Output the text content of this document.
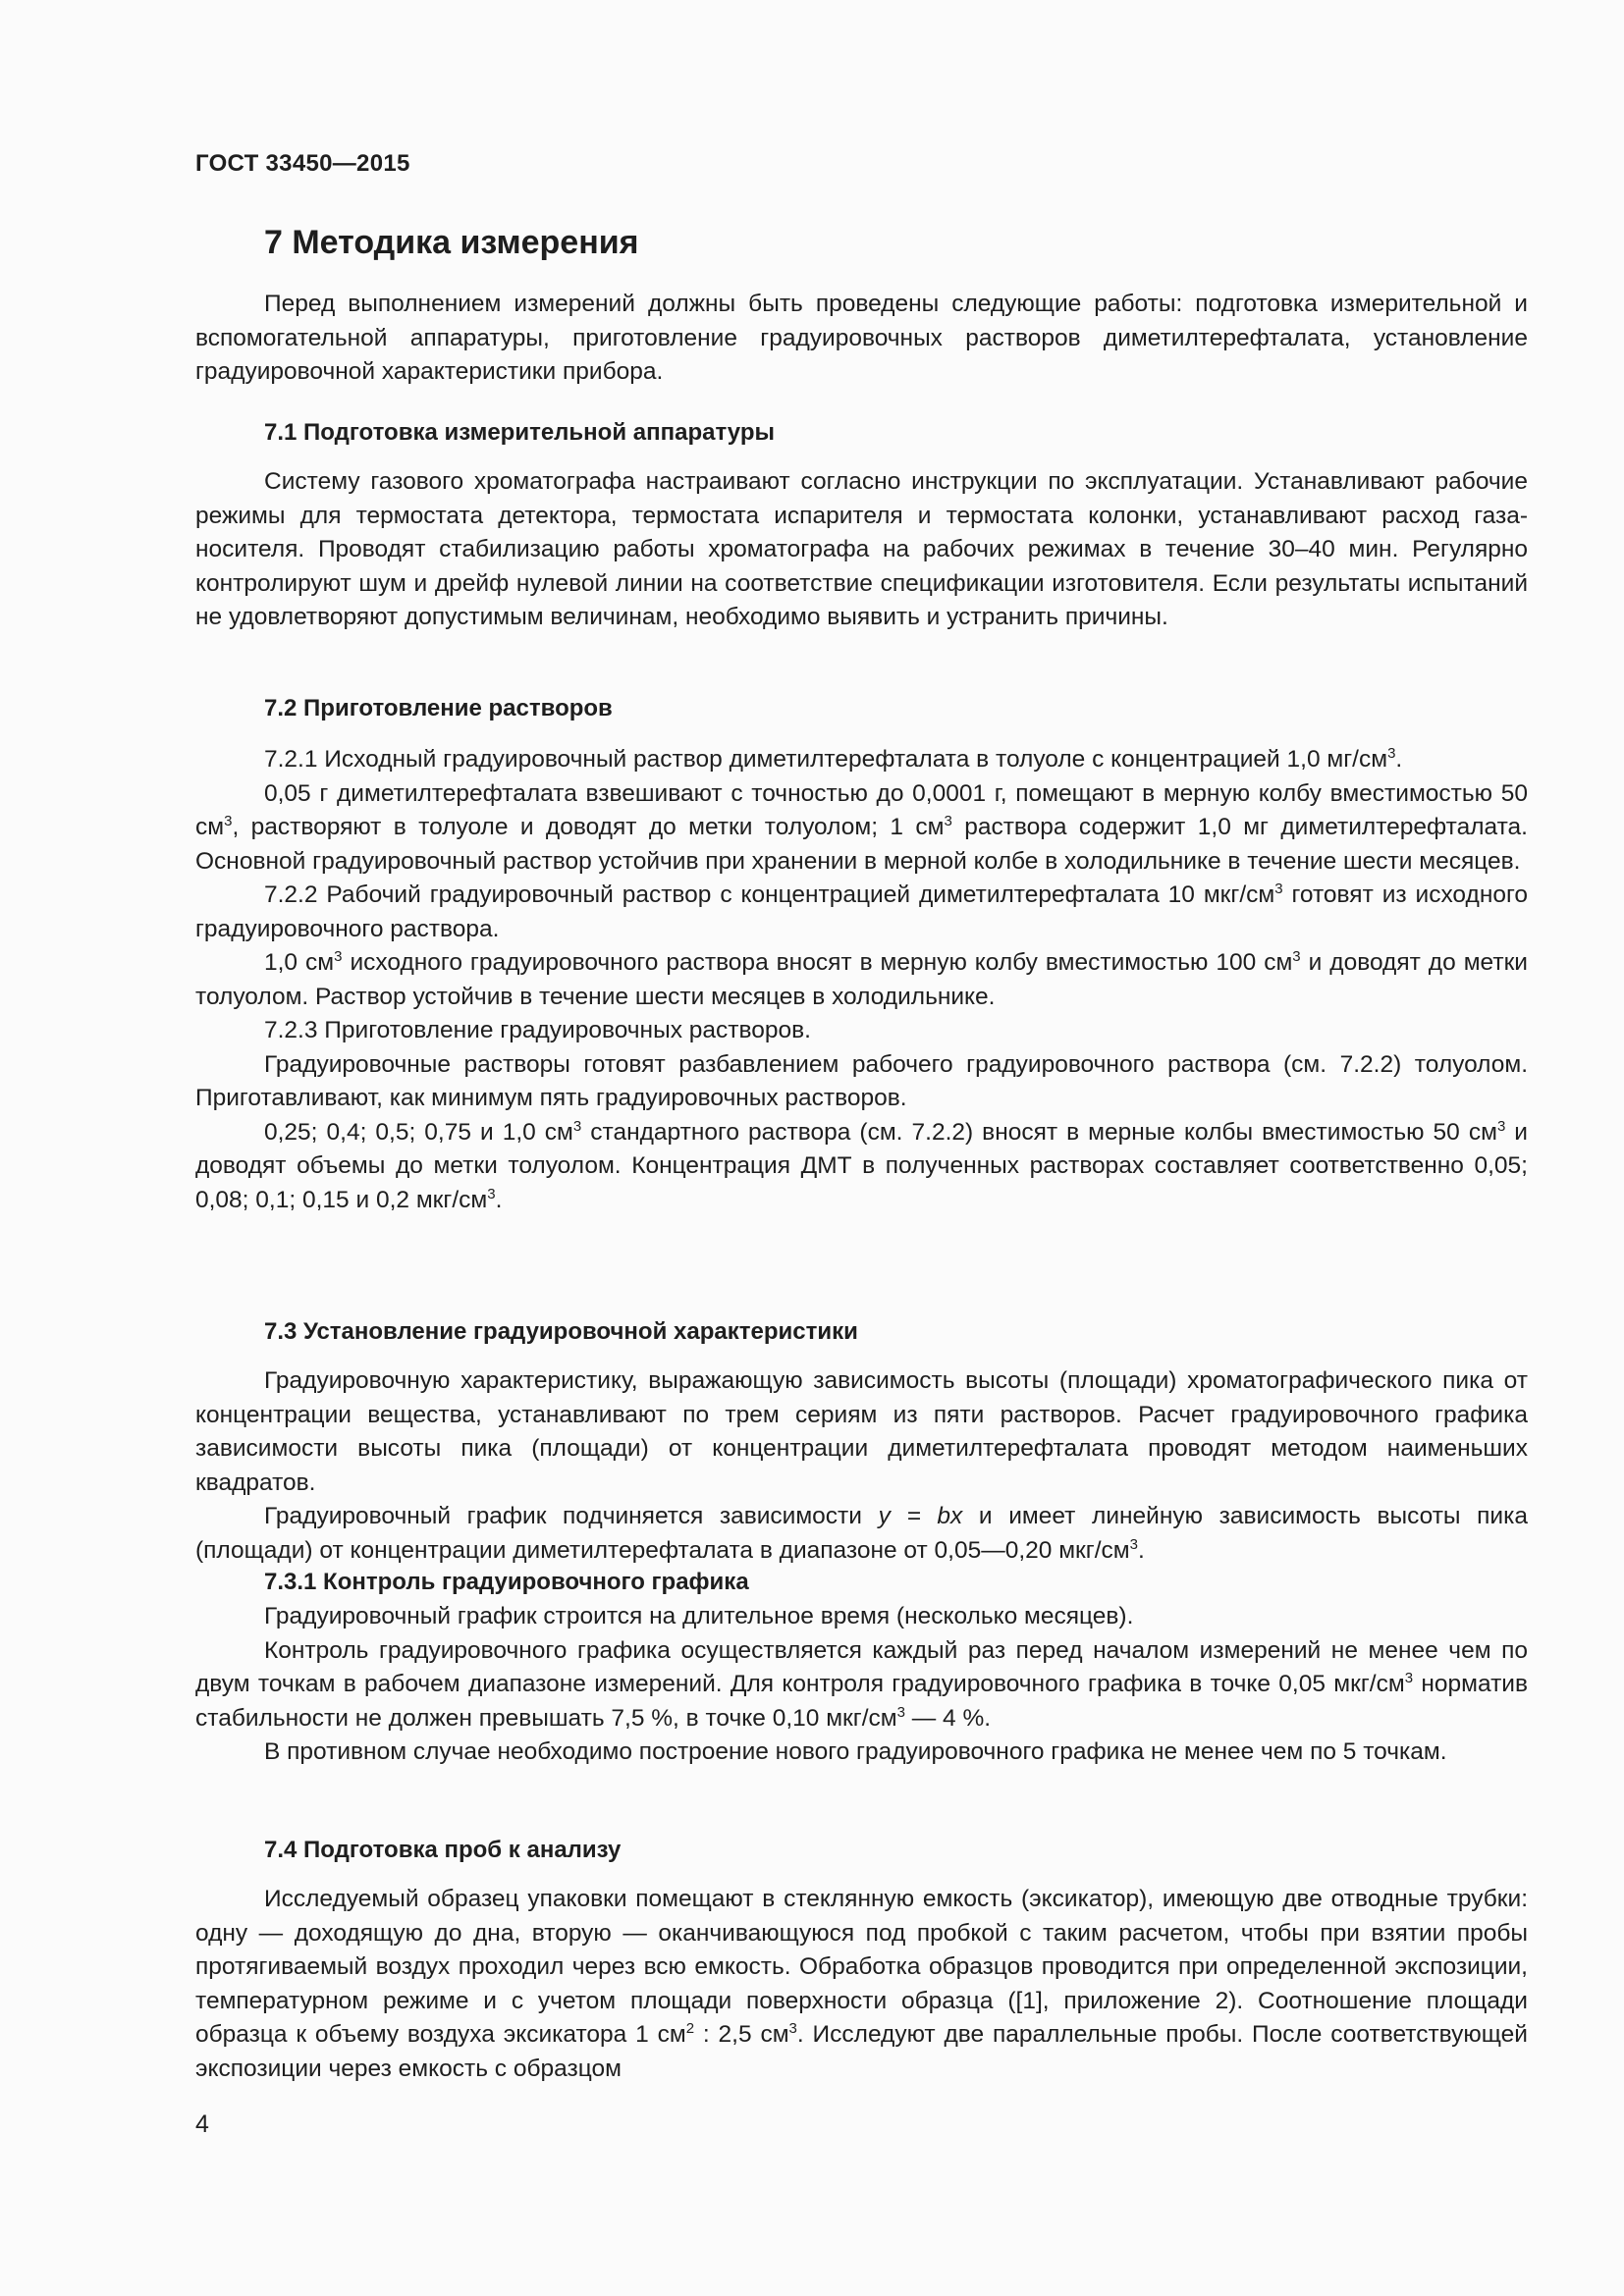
ГОСТ 33450—2015
7 Методика измерения

Перед выполнением измерений должны быть проведены следующие работы: подготовка измерительной и вспомогательной аппаратуры, приготовление градуировочных растворов диметилтерефталата, установление градуировочной характеристики прибора.

7.1 Подготовка измерительной аппаратуры

Систему газового хроматографа настраивают согласно инструкции по эксплуатации. Устанавливают рабочие режимы для термостата детектора, термостата испарителя и термостата колонки, устанавливают расход газа-носителя. Проводят стабилизацию работы хроматографа на рабочих режимах в течение 30–40 мин. Регулярно контролируют шум и дрейф нулевой линии на соответствие спецификации изготовителя. Если результаты испытаний не удовлетворяют допустимым величинам, необходимо выявить и устранить причины.

7.2 Приготовление растворов

7.2.1 Исходный градуировочный раствор диметилтерефталата в толуоле с концентрацией 1,0 $мг/см^3$.

0,05 г диметилтерефталата взвешивают с точностью до 0,0001 г, помещают в мерную колбу вместимостью 50 $см^3$, растворяют в толуоле и доводят до метки толуолом; 1 $см^3$ раствора содержит 1,0 мг диметилтерефталата. Основной градуировочный раствор устойчив при хранении в мерной колбе в холодильнике в течение шести месяцев.

7.2.2 Рабочий градуировочный раствор с концентрацией диметилтерефталата 10 мкг/$см^3$ готовят из исходного градуировочного раствора.

1,0 $см^3$ исходного градуировочного раствора вносят в мерную колбу вместимостью 100 $см^3$ и доводят до метки толуолом. Раствор устойчив в течение шести месяцев в холодильнике.

7.2.3 Приготовление градуировочных растворов.

Градуировочные растворы готовят разбавлением рабочего градуировочного раствора (см. 7.2.2) толуолом. Приготавливают, как минимум пять градуировочных растворов.

0,25; 0,4; 0,5; 0,75 и 1,0 $см^3$ стандартного раствора (см. 7.2.2) вносят в мерные колбы вместимостью 50 $см^3$ и доводят объемы до метки толуолом. Концентрация ДМТ в полученных растворах составляет соответственно 0,05; 0,08; 0,1; 0,15 и 0,2 мкг/$см^3$.

7.3 Установление градуировочной характеристики

Градуировочную характеристику, выражающую зависимость высоты (площади) хроматографического пика от концентрации вещества, устанавливают по трем сериям из пяти растворов. Расчет градуировочного графика зависимости высоты пика (площади) от концентрации диметилтерефталата проводят методом наименьших квадратов.

Градуировочный график подчиняется зависимости y = bx и имеет линейную зависимость высоты пика (площади) от концентрации диметилтерефталата в диапазоне от 0,05—0,20 мкг/$см^3$.

7.3.1 Контроль градуировочного графика

Градуировочный график строится на длительное время (несколько месяцев).

Контроль градуировочного графика осуществляется каждый раз перед началом измерений не менее чем по двум точкам в рабочем диапазоне измерений. Для контроля градуировочного графика в точке 0,05 мкг/$см^3$ норматив стабильности не должен превышать 7,5 %, в точке 0,10 мкг/$см^3$ — 4 %.

В противном случае необходимо построение нового градуировочного графика не менее чем по 5 точкам.

7.4 Подготовка проб к анализу

Исследуемый образец упаковки помещают в стеклянную емкость (эксикатор), имеющую две отводные трубки: одну — доходящую до дна, вторую — оканчивающуюся под пробкой с таким расчетом, чтобы при взятии пробы протягиваемый воздух проходил через всю емкость. Обработка образцов проводится при определенной экспозиции, температурном режиме и с учетом площади поверхности образца ([1], приложение 2). Соотношение площади образца к объему воздуха эксикатора 1 $см^2$ : 2,5 $см^3$. Исследуют две параллельные пробы. После соответствующей экспозиции через емкость с образцом

4
